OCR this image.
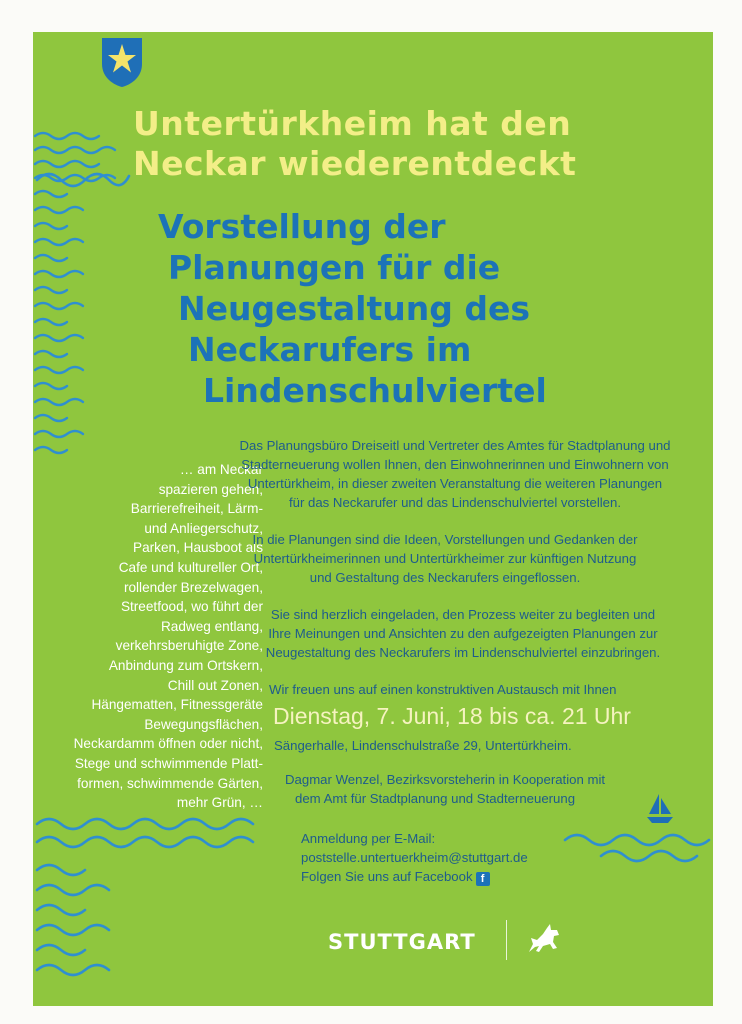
Untertürkheim hat den
Neckar wiederentdeckt
Vorstellung der
Planungen für die
Neugestaltung des
Neckarufers im
Lindenschulviertel
… am Neckar
spazieren gehen,
Barrierefreiheit, Lärm-
und Anliegerschutz,
Parken, Hausboot als
Cafe und kultureller Ort,
rollender Brezelwagen,
Streetfood, wo führt der
Radweg entlang,
verkehrsberuhigte Zone,
Anbindung zum Ortskern,
Chill out Zonen,
Hängematten, Fitnessgeräte
Bewegungsflächen,
Neckardamm öffnen oder nicht,
Stege und schwimmende Platt-
formen, schwimmende Gärten,
mehr Grün, …
Das Planungsbüro Dreiseitl und Vertreter des Amtes für Stadtplanung und
Stadterneuerung wollen Ihnen, den Einwohnerinnen und Einwohnern von
Untertürkheim, in dieser zweiten Veranstaltung die weiteren Planungen
für das Neckarufer und das Lindenschulviertel vorstellen.
In die Planungen sind die Ideen, Vorstellungen und Gedanken der
Untertürkheimerinnen und Untertürkheimer zur künftigen Nutzung
und Gestaltung des Neckarufers eingeflossen.
Sie sind herzlich eingeladen, den Prozess weiter zu begleiten und
Ihre Meinungen und Ansichten zu den aufgezeigten Planungen zur
Neugestaltung des Neckarufers im Lindenschulviertel einzubringen.
Wir freuen uns auf einen konstruktiven Austausch mit Ihnen
Dienstag, 7. Juni, 18 bis ca. 21 Uhr
Sängerhalle, Lindenschulstraße 29, Untertürkheim.
Dagmar Wenzel, Bezirksvorsteherin in Kooperation mit
dem Amt für Stadtplanung und Stadterneuerung
Anmeldung per E-Mail:
poststelle.untertuerkheim@stuttgart.de
Folgen Sie uns auf Facebook f
STUTTGART
